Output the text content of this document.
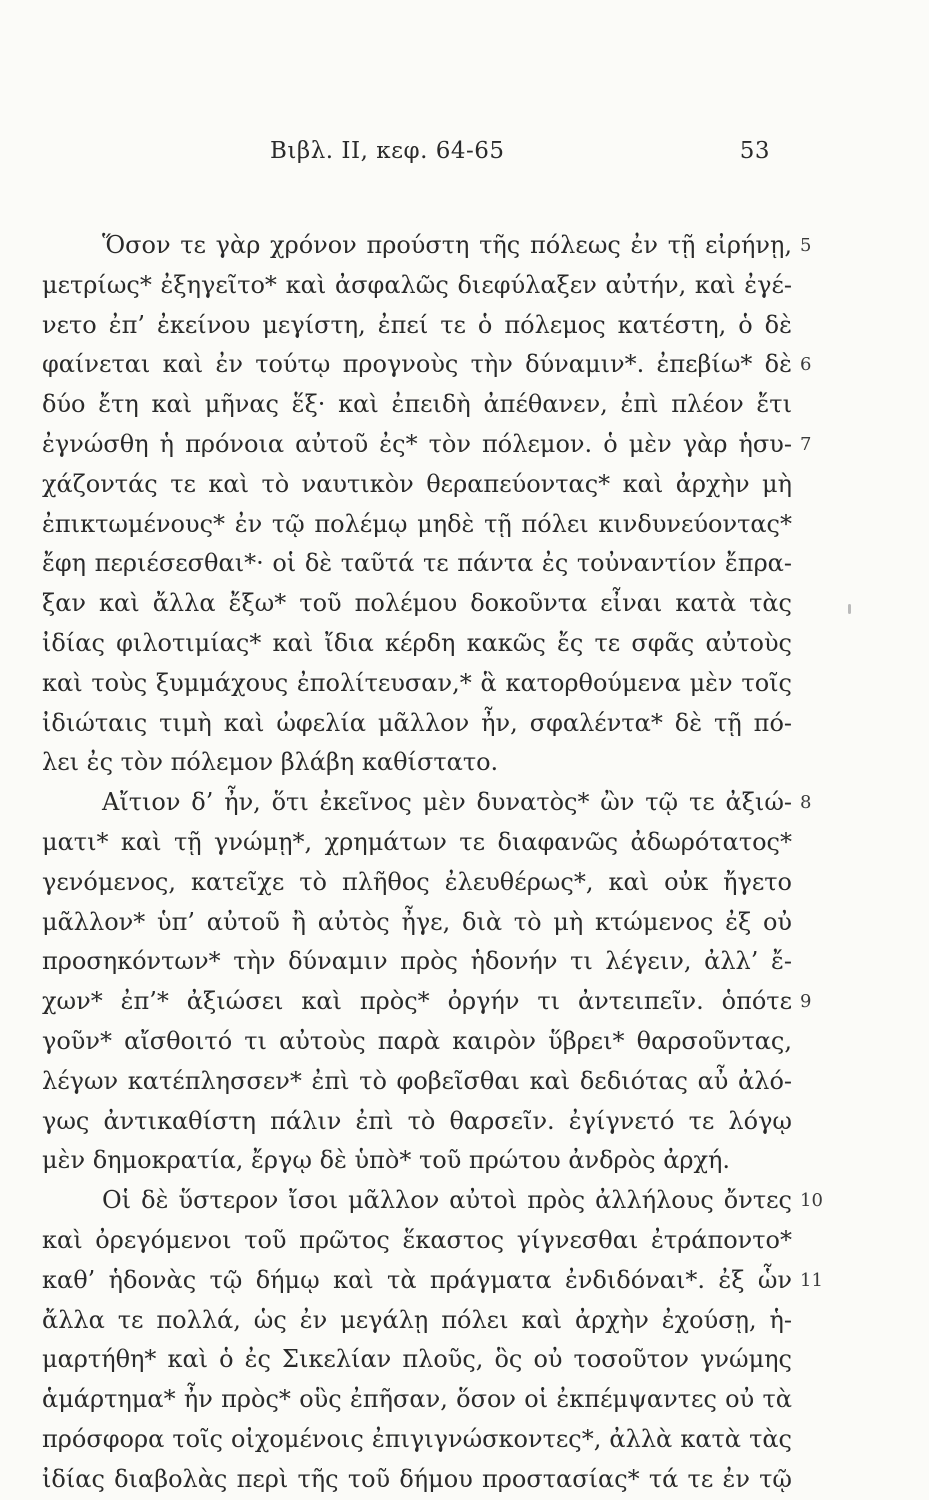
Βιβλ. ΙΙ, κεφ. 64-65	53
Ὅσον τε γὰρ χρόνον προύστη τῆς πόλεως ἐν τῇ εἰρήνῃ, 5
μετρίως* ἐξηγεῖτο* καὶ ἀσφαλῶς διεφύλαξεν αὐτήν, καὶ ἐγέ-
νετο ἐπ’ ἐκείνου μεγίστη, ἐπεί τε ὁ πόλεμος κατέστη, ὁ δὲ
φαίνεται καὶ ἐν τούτῳ προγνοὺς τὴν δύναμιν*. ἐπεβίω* δὲ 6
δύο ἔτη καὶ μῆνας ἕξ· καὶ ἐπειδὴ ἀπέθανεν, ἐπὶ πλέον ἔτι
ἐγνώσθη ἡ πρόνοια αὐτοῦ ἐς* τὸν πόλεμον. ὁ μὲν γὰρ ἡσυ- 7
χάζοντάς τε καὶ τὸ ναυτικὸν θεραπεύοντας* καὶ ἀρχὴν μὴ
ἐπικτωμένους* ἐν τῷ πολέμῳ μηδὲ τῇ πόλει κινδυνεύοντας*
ἔφη περιέσεσθαι*· οἱ δὲ ταῦτά τε πάντα ἐς τοὐναντίον ἔπρα-
ξαν καὶ ἄλλα ἔξω* τοῦ πολέμου δοκοῦντα εἶναι κατὰ τὰς
ἰδίας φιλοτιμίας* καὶ ἴδια κέρδη κακῶς ἔς τε σφᾶς αὐτοὺς
καὶ τοὺς ξυμμάχους ἐπολίτευσαν,* ἃ κατορθούμενα μὲν τοῖς
ἰδιώταις τιμὴ καὶ ὠφελία μᾶλλον ἦν, σφαλέντα* δὲ τῇ πό-
λει ἐς τὸν πόλεμον βλάβη καθίστατο.
Αἴτιον δ’ ἦν, ὅτι ἐκεῖνος μὲν δυνατὸς* ὢν τῷ τε ἀξιώ- 8
ματι* καὶ τῇ γνώμῃ*, χρημάτων τε διαφανῶς ἀδωρότατος*
γενόμενος, κατεῖχε τὸ πλῆθος ἐλευθέρως*, καὶ οὐκ ἤγετο
μᾶλλον* ὑπ’ αὐτοῦ ἢ αὐτὸς ἦγε, διὰ τὸ μὴ κτώμενος ἐξ οὐ
προσηκόντων* τὴν δύναμιν πρὸς ἡδονήν τι λέγειν, ἀλλ’ ἔ-
χων* ἐπ’* ἀξιώσει καὶ πρὸς* ὀργήν τι ἀντειπεῖν. ὁπότε 9
γοῦν* αἴσθοιτό τι αὐτοὺς παρὰ καιρὸν ὕβρει* θαρσοῦντας,
λέγων κατέπλησσεν* ἐπὶ τὸ φοβεῖσθαι καὶ δεδιότας αὖ ἀλό-
γως ἀντικαθίστη πάλιν ἐπὶ τὸ θαρσεῖν. ἐγίγνετό τε λόγῳ
μὲν δημοκρατία, ἔργῳ δὲ ὑπὸ* τοῦ πρώτου ἀνδρὸς ἀρχή.
Οἱ δὲ ὕστερον ἴσοι μᾶλλον αὐτοὶ πρὸς ἀλλήλους ὄντες 10
καὶ ὀρεγόμενοι τοῦ πρῶτος ἕκαστος γίγνεσθαι ἐτράποντο*
καθ’ ἡδονὰς τῷ δήμῳ καὶ τὰ πράγματα ἐνδιδόναι*. ἐξ ὧν 11
ἄλλα τε πολλά, ὡς ἐν μεγάλῃ πόλει καὶ ἀρχὴν ἐχούσῃ, ἡ-
μαρτήθη* καὶ ὁ ἐς Σικελίαν πλοῦς, ὃς οὐ τοσοῦτον γνώμης
ἁμάρτημα* ἦν πρὸς* οὓς ἐπῆσαν, ὅσον οἱ ἐκπέμψαντες οὐ τὰ
πρόσφορα τοῖς οἰχομένοις ἐπιγιγνώσκοντες*, ἀλλὰ κατὰ τὰς
ἰδίας διαβολὰς περὶ τῆς τοῦ δήμου προστασίας* τά τε ἐν τῷ
